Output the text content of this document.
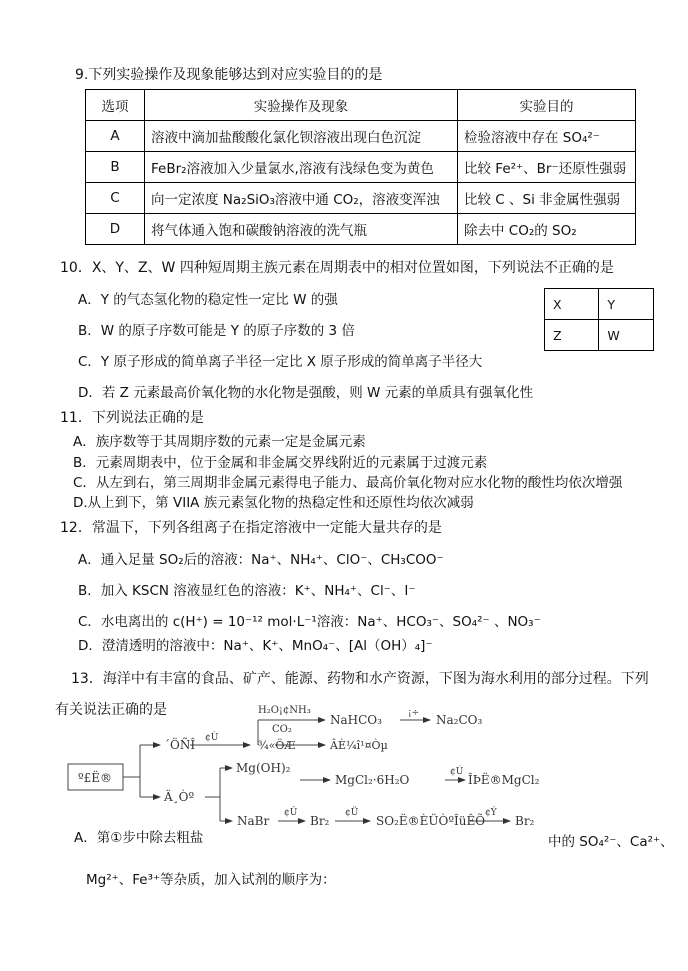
9.下列实验操作及现象能够达到对应实验目的的是
选项	实验操作及现象	实验目的
A	溶液中滴加盐酸酸化氯化钡溶液出现白色沉淀	检验溶液中存在 SO₄²⁻
B	FeBr₂溶液加入少量氯水,溶液有浅绿色变为黄色	比较 Fe²⁺、Br⁻还原性强弱
C	向一定浓度 Na₂SiO₃溶液中通 CO₂，溶液变浑浊	比较 C 、Si 非金属性强弱
D	将气体通入饱和碳酸钠溶液的洗气瓶	除去中 CO₂的 SO₂
10．X、Y、Z、W 四种短周期主族元素在周期表中的相对位置如图，下列说法不正确的是
A．Y 的气态氢化物的稳定性一定比 W 的强
B．W 的原子序数可能是 Y 的原子序数的 3 倍
C．Y 原子形成的简单离子半径一定比 X 原子形成的简单离子半径大
D．若 Z 元素最高价氧化物的水化物是强酸，则 W 元素的单质具有强氧化性
X	Y
Z	W
11．下列说法正确的是
A．族序数等于其周期序数的元素一定是金属元素
B．元素周期表中，位于金属和非金属交界线附近的元素属于过渡元素
C．从左到右，第三周期非金属元素得电子能力、最高价氧化物对应水化物的酸性均依次增强
D.从上到下，第 VIIA 族元素氢化物的热稳定性和还原性均依次减弱
12．常温下，下列各组离子在指定溶液中一定能大量共存的是
A．通入足量 SO₂后的溶液：Na⁺、NH₄⁺、ClO⁻、CH₃COO⁻
B．加入 KSCN 溶液显红色的溶液：K⁺、NH₄⁺、Cl⁻、I⁻
C．水电离出的 c(H⁺) = 10⁻¹² mol·L⁻¹溶液：Na⁺、HCO₃⁻、SO₄²⁻ 、NO₃⁻
D．澄清透明的溶液中：Na⁺、K⁺、MnO₄⁻、[Al（OH）₄]⁻
13．海洋中有丰富的食品、矿产、能源、药物和水产资源，下图为海水利用的部分过程。下列
有关说法正确的是
º£Ë®
´ÖÑÎ
Ä¸Òº
¢Ù
¾«ÖÆ
H₂O¡¢NH₃
CO₂
NaHCO₃	¡÷ Na₂CO₃
ÂÈ¼î¹¤Òµ
Mg(OH)₂
MgCl₂·6H₂O
¢Ú
ÎÞË®MgCl₂
NaBr
¢Û
Br₂
¢Ü
SO₂Ë®ÈÜÒºÎüÊÕ
¢Ý
Br₂
A．第①步中除去粗盐	中的 SO₄²⁻、Ca²⁺、
Mg²⁺、Fe³⁺等杂质，加入试剂的顺序为：
